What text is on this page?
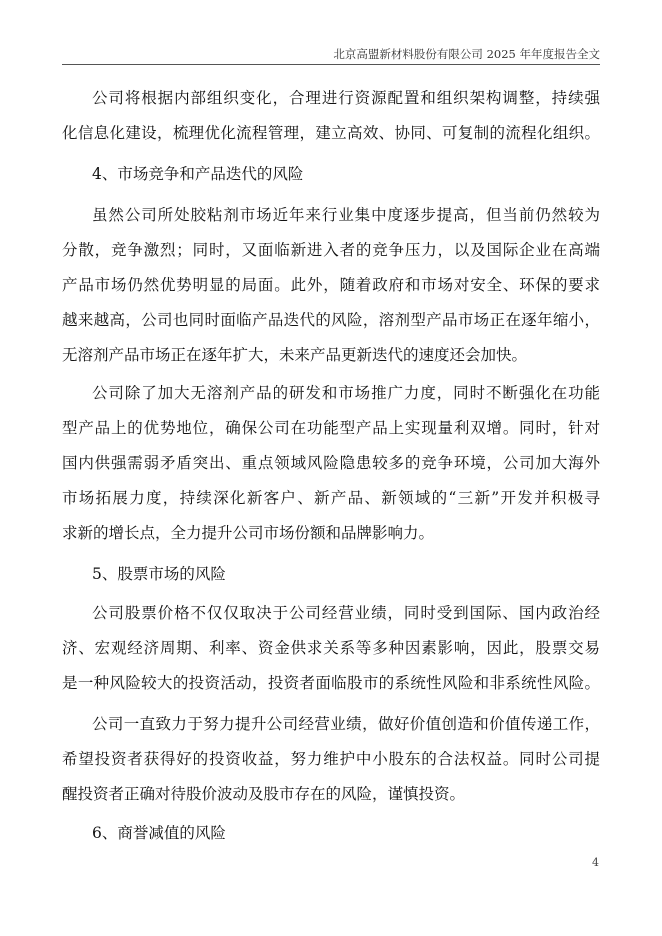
北京高盟新材料股份有限公司 2025 年年度报告全文
公司将根据内部组织变化，合理进行资源配置和组织架构调整，持续强
化信息化建设，梳理优化流程管理，建立高效、协同、可复制的流程化组织。
4、市场竞争和产品迭代的风险
虽然公司所处胶粘剂市场近年来行业集中度逐步提高，但当前仍然较为
分散，竞争激烈；同时，又面临新进入者的竞争压力，以及国际企业在高端
产品市场仍然优势明显的局面。此外，随着政府和市场对安全、环保的要求
越来越高，公司也同时面临产品迭代的风险，溶剂型产品市场正在逐年缩小，
无溶剂产品市场正在逐年扩大，未来产品更新迭代的速度还会加快。
公司除了加大无溶剂产品的研发和市场推广力度，同时不断强化在功能
型产品上的优势地位，确保公司在功能型产品上实现量利双增。同时，针对
国内供强需弱矛盾突出、重点领域风险隐患较多的竞争环境，公司加大海外
市场拓展力度，持续深化新客户、新产品、新领域的“三新”开发并积极寻
求新的增长点，全力提升公司市场份额和品牌影响力。
5、股票市场的风险
公司股票价格不仅仅取决于公司经营业绩，同时受到国际、国内政治经
济、宏观经济周期、利率、资金供求关系等多种因素影响，因此，股票交易
是一种风险较大的投资活动，投资者面临股市的系统性风险和非系统性风险。
公司一直致力于努力提升公司经营业绩，做好价值创造和价值传递工作，
希望投资者获得好的投资收益，努力维护中小股东的合法权益。同时公司提
醒投资者正确对待股价波动及股市存在的风险，谨慎投资。
6、商誉减值的风险
4
